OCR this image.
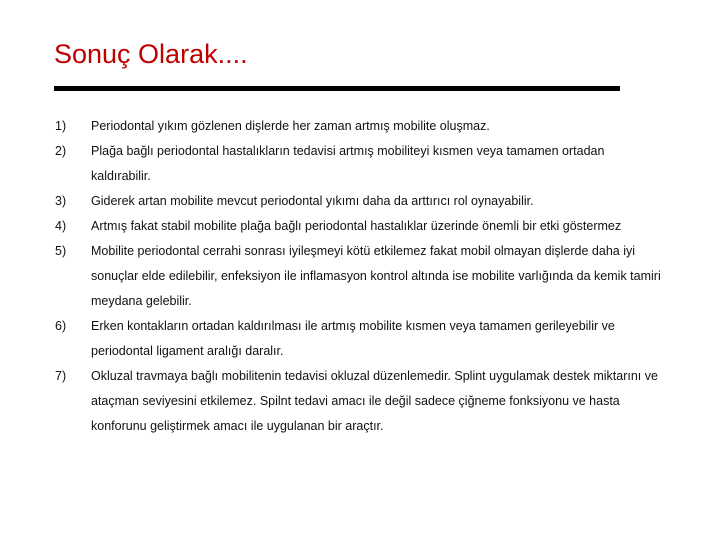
Sonuç Olarak....
1) Periodontal yıkım gözlenen dişlerde her zaman artmış mobilite oluşmaz.
2) Plağa bağlı periodontal hastalıkların tedavisi artmış mobiliteyi kısmen veya tamamen ortadan kaldırabilir.
3) Giderek artan mobilite mevcut periodontal yıkımı daha da arttırıcı rol oynayabilir.
4) Artmış fakat stabil mobilite plağa bağlı periodontal hastalıklar üzerinde önemli bir etki göstermez
5) Mobilite periodontal cerrahi sonrası iyileşmeyi kötü etkilemez fakat mobil olmayan dişlerde daha iyi sonuçlar elde edilebilir, enfeksiyon ile inflamasyon kontrol altında ise mobilite varlığında da kemik tamiri meydana gelebilir.
6) Erken kontakların ortadan kaldırılması ile artmış mobilite kısmen veya tamamen gerileyebilir ve periodontal ligament aralığı daralır.
7) Okluzal travmaya bağlı mobilitenin tedavisi okluzal düzenlemedir. Splint uygulamak destek miktarını ve ataçman seviyesini etkilemez. Spilnt tedavi amacı ile değil sadece çiğneme fonksiyonu ve hasta konforunu geliştirmek amacı ile uygulanan bir araçtır.
